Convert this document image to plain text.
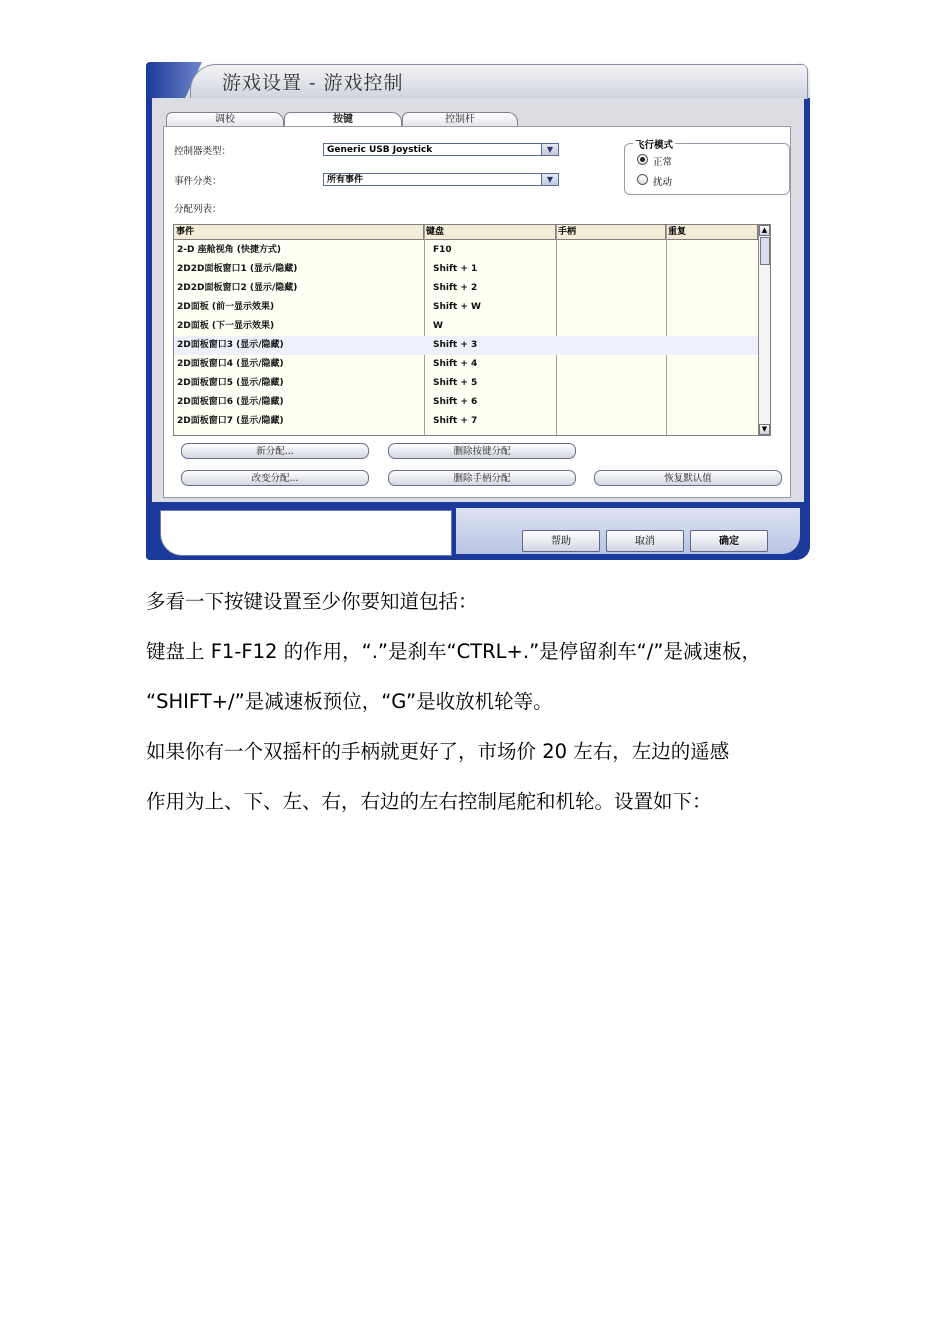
游戏设置 - 游戏控制
调校	按键	控制杆
控制器类型：	Generic USB Joystick	▼
事件分类：	所有事件	▼
分配列表：
飞行模式
正常
扰动
事件	键盘	手柄	重复
2-D 座舱视角 (快捷方式)	F10
2D2D面板窗口1 (显示/隐藏)	Shift + 1
2D2D面板窗口2 (显示/隐藏)	Shift + 2
2D面板 (前一显示效果)	Shift + W
2D面板 (下一显示效果)	W
2D面板窗口3 (显示/隐藏)	Shift + 3
2D面板窗口4 (显示/隐藏)	Shift + 4
2D面板窗口5 (显示/隐藏)	Shift + 5
2D面板窗口6 (显示/隐藏)	Shift + 6
2D面板窗口7 (显示/隐藏)	Shift + 7
▲
▼
新分配...	删除按键分配
改变分配...	删除手柄分配	恢复默认值
帮助	取消	确定
多看一下按键设置至少你要知道包括：
键盘上 F1-F12 的作用，“.”是刹车“CTRL+.”是停留刹车“/”是减速板，
“SHIFT+/”是减速板预位，“G”是收放机轮等。
如果你有一个双摇杆的手柄就更好了，市场价 20 左右，左边的遥感
作用为上、下、左、右，右边的左右控制尾舵和机轮。设置如下：
